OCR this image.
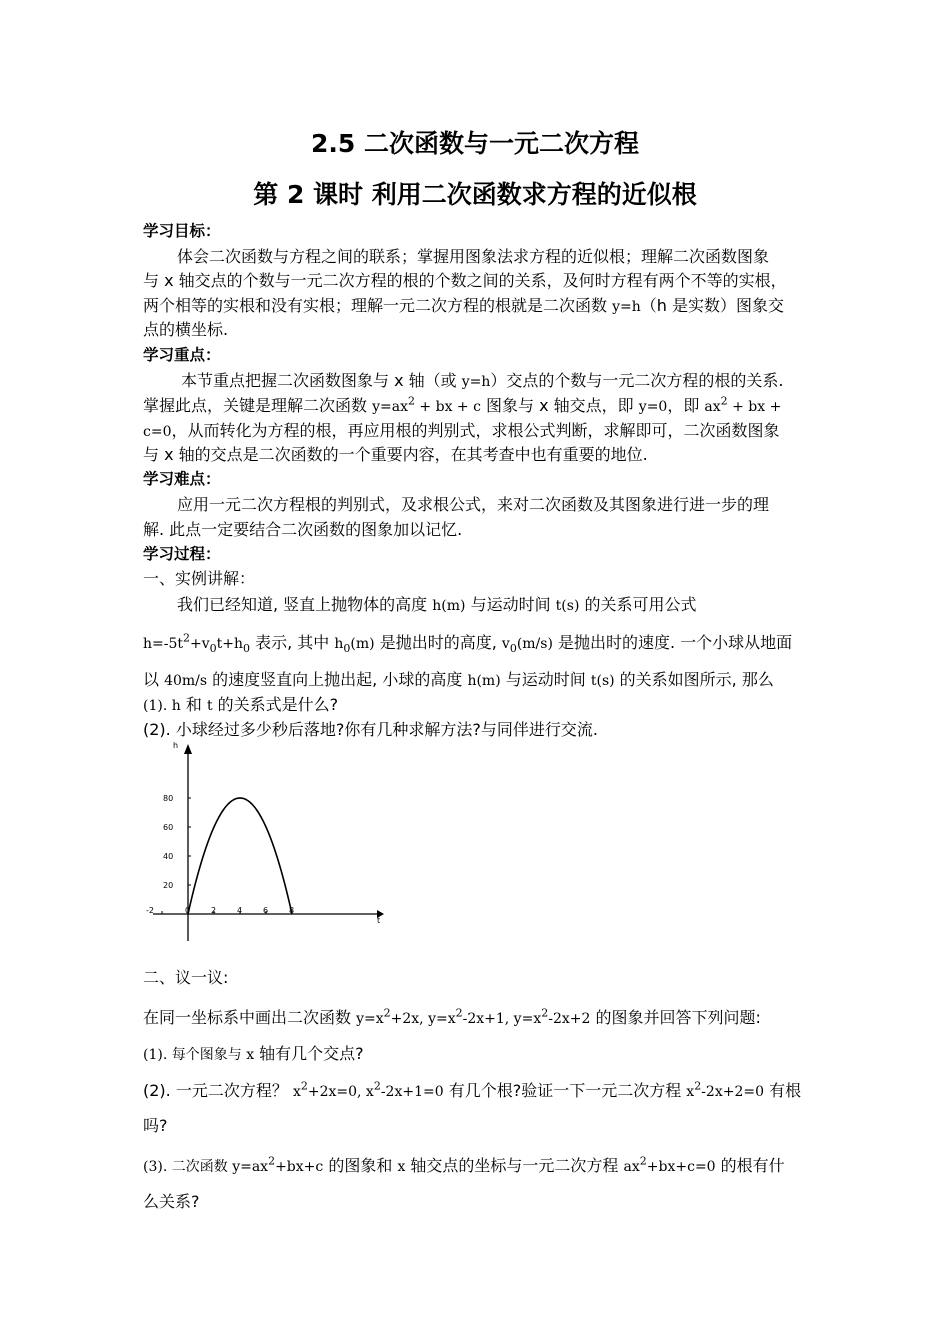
2.5 二次函数与一元二次方程
第 2 课时 利用二次函数求方程的近似根
学习目标：
体会二次函数与方程之间的联系；掌握用图象法求方程的近似根；理解二次函数图象
与 x 轴交点的个数与一元二次方程的根的个数之间的关系，及何时方程有两个不等的实根，
两个相等的实根和没有实根；理解一元二次方程的根就是二次函数 y=h（h 是实数）图象交
点的横坐标.
学习重点：
本节重点把握二次函数图象与 x 轴（或 y=h）交点的个数与一元二次方程的根的关系.
掌握此点，关键是理解二次函数 $y=ax^2$ + bx + c 图象与 x 轴交点，即 y=0，即 $ax^2$ + bx +
c=0，从而转化为方程的根，再应用根的判别式，求根公式判断，求解即可，二次函数图象
与 x 轴的交点是二次函数的一个重要内容，在其考查中也有重要的地位.
学习难点：
应用一元二次方程根的判别式，及求根公式，来对二次函数及其图象进行进一步的理
解. 此点一定要结合二次函数的图象加以记忆.
学习过程：
一、实例讲解：
我们已经知道, 竖直上抛物体的高度 h(m) 与运动时间 t(s) 的关系可用公式
$h=-5t^2+v_0t+h_0$ 表示, 其中 $h_0(m)$ 是抛出时的高度, $v_0(m/s)$ 是抛出时的速度. 一个小球从地面
以 40m/s 的速度竖直向上抛出起, 小球的高度 h(m) 与运动时间 t(s) 的关系如图所示, 那么
(1). h 和 t 的关系式是什么?
(2). 小球经过多少秒后落地?你有几种求解方法?与同伴进行交流.
-2	0	2	4	6	8
20
40
60
80
t
h
二、议一议:
在同一坐标系中画出二次函数 $y=x^2+2x$, $y=x^2-2x+1$, $y=x^2-2x+2$ 的图象并回答下列问题:
(1). 每个图象与 x 轴有几个交点?
(2). 一元二次方程？ $x^2+2x=0$, $x^2-2x+1=0$ 有几个根?验证一下一元二次方程 $x^2-2x+2=0$ 有根
吗?
(3). 二次函数 $y=ax^2+bx+c$ 的图象和 x 轴交点的坐标与一元二次方程 $ax^2+bx+c=0$ 的根有什
么关系?
